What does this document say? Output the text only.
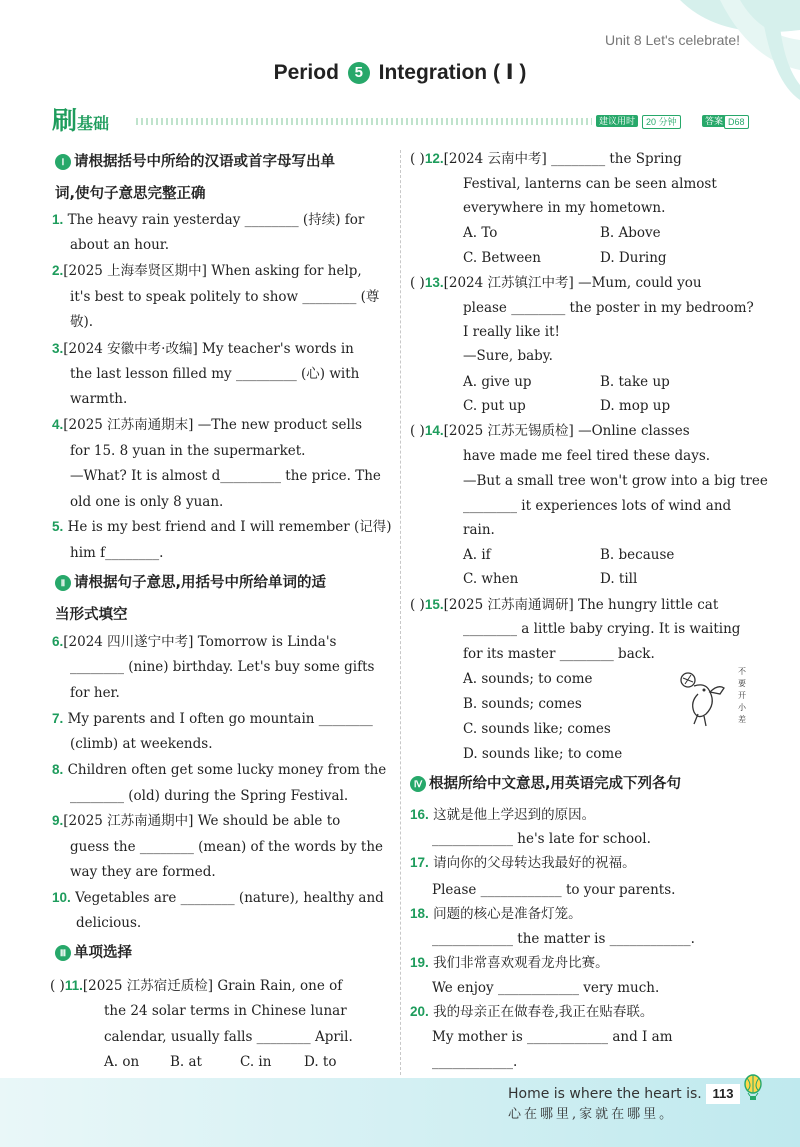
Unit 8 Let's celebrate!
Period 5 Integration ( Ⅰ )
刷基础	建议用时	20 分钟	答案 D68
Ⅰ 请根据括号中所给的汉语或首字母写出单
词,使句子意思完整正确
1. The heavy rain yesterday ________ (持续) for
about an hour.
2.[2025 上海奉贤区期中] When asking for help,
it's best to speak politely to show ________ (尊
敬).
3.[2024 安徽中考·改编] My teacher's words in
the last lesson filled my _________ (心) with
warmth.
4.[2025 江苏南通期末] —The new product sells
for 15. 8 yuan in the supermarket.
—What? It is almost d_________ the price. The
old one is only 8 yuan.
5. He is my best friend and I will remember (记得)
him f________.
Ⅱ 请根据句子意思,用括号中所给单词的适
当形式填空
6.[2024 四川遂宁中考] Tomorrow is Linda's
________ (nine) birthday. Let's buy some gifts
for her.
7. My parents and I often go mountain ________
(climb) at weekends.
8. Children often get some lucky money from the
________ (old) during the Spring Festival.
9.[2025 江苏南通期中] We should be able to
guess the ________ (mean) of the words by the
way they are formed.
10. Vegetables are ________ (nature), healthy and
delicious.
Ⅲ 单项选择
( )11.[2025 江苏宿迁质检] Grain Rain, one of
the 24 solar terms in Chinese lunar
calendar, usually falls ________ April.
A. on B. at	C. in D. to
( )12.[2024 云南中考] ________ the Spring
Festival, lanterns can be seen almost
everywhere in my hometown.
A. To	B. Above
C. Between	D. During
( )13.[2024 江苏镇江中考] —Mum, could you
please ________ the poster in my bedroom?
I really like it!
—Sure, baby.
A. give up	B. take up
C. put up	D. mop up
( )14.[2025 江苏无锡质检] —Online classes
have made me feel tired these days.
—But a small tree won't grow into a big tree
________ it experiences lots of wind and
rain.
A. if	B. because
C. when	D. till
( )15.[2025 江苏南通调研] The hungry little cat
________ a little baby crying. It is waiting
for its master ________ back.
A. sounds; to come
B. sounds; comes
C. sounds like; comes
D. sounds like; to come
不
要
开
小
差
Ⅳ 根据所给中文意思,用英语完成下列各句
16. 这就是他上学迟到的原因。
____________ he's late for school.
17. 请向你的父母转达我最好的祝福。
Please ____________ to your parents.
18. 问题的核心是准备灯笼。
____________ the matter is ____________.
19. 我们非常喜欢观看龙舟比赛。
We enjoy ____________ very much.
20. 我的母亲正在做春卷,我正在贴春联。
My mother is ____________ and I am
____________.
Home is where the heart is.
心在哪里,家就在哪里。
113
